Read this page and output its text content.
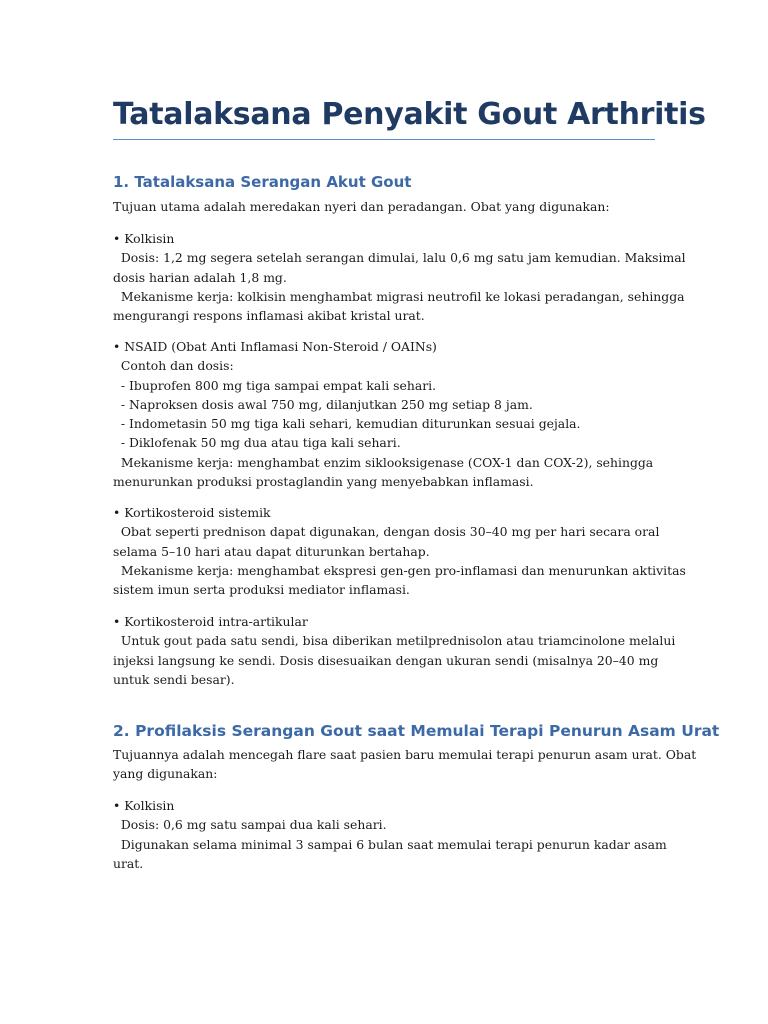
Tatalaksana Penyakit Gout Arthritis
1. Tatalaksana Serangan Akut Gout
Tujuan utama adalah meredakan nyeri dan peradangan. Obat yang digunakan:
• Kolkisin
Dosis: 1,2 mg segera setelah serangan dimulai, lalu 0,6 mg satu jam kemudian. Maksimal
dosis harian adalah 1,8 mg.
Mekanisme kerja: kolkisin menghambat migrasi neutrofil ke lokasi peradangan, sehingga
mengurangi respons inflamasi akibat kristal urat.
• NSAID (Obat Anti Inflamasi Non-Steroid / OAINs)
Contoh dan dosis:
- Ibuprofen 800 mg tiga sampai empat kali sehari.
- Naproksen dosis awal 750 mg, dilanjutkan 250 mg setiap 8 jam.
- Indometasin 50 mg tiga kali sehari, kemudian diturunkan sesuai gejala.
- Diklofenak 50 mg dua atau tiga kali sehari.
Mekanisme kerja: menghambat enzim siklooksigenase (COX-1 dan COX-2), sehingga
menurunkan produksi prostaglandin yang menyebabkan inflamasi.
• Kortikosteroid sistemik
Obat seperti prednison dapat digunakan, dengan dosis 30–40 mg per hari secara oral
selama 5–10 hari atau dapat diturunkan bertahap.
Mekanisme kerja: menghambat ekspresi gen-gen pro-inflamasi dan menurunkan aktivitas
sistem imun serta produksi mediator inflamasi.
• Kortikosteroid intra-artikular
Untuk gout pada satu sendi, bisa diberikan metilprednisolon atau triamcinolone melalui
injeksi langsung ke sendi. Dosis disesuaikan dengan ukuran sendi (misalnya 20–40 mg
untuk sendi besar).
2. Profilaksis Serangan Gout saat Memulai Terapi Penurun Asam Urat
Tujuannya adalah mencegah flare saat pasien baru memulai terapi penurun asam urat. Obat
yang digunakan:
• Kolkisin
Dosis: 0,6 mg satu sampai dua kali sehari.
Digunakan selama minimal 3 sampai 6 bulan saat memulai terapi penurun kadar asam
urat.
